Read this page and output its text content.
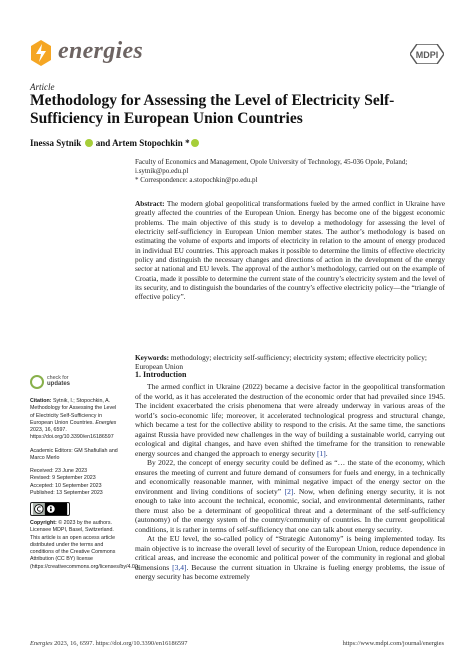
energies	MDPI
Article
Methodology for Assessing the Level of Electricity Self-Sufficiency in European Union Countries
Inessa Sytnik and Artem Stopochkin *
Faculty of Economics and Management, Opole University of Technology, 45-036 Opole, Poland;
i.sytnik@po.edu.pl
* Correspondence: a.stopochkin@po.edu.pl
Abstract: The modern global geopolitical transformations fueled by the armed conflict in Ukraine have greatly affected the countries of the European Union. Energy has become one of the biggest economic problems. The main objective of this study is to develop a methodology for assessing the level of electricity self-sufficiency in European Union member states. The author’s methodology is based on estimating the volume of exports and imports of electricity in relation to the amount of energy produced in individual EU countries. This approach makes it possible to determine the limits of effective electricity policy and distinguish the necessary changes and directions of action in the development of the energy sector at national and EU levels. The approval of the author’s methodology, carried out on the example of Croatia, made it possible to determine the current state of the country’s electricity system and the level of its security, and to distinguish the boundaries of the country’s effective electricity policy—the “triangle of effective policy”.
Keywords: methodology; electricity self-sufficiency; electricity system; effective electricity policy; European Union
check for
updates
Citation: Sytnik, I.; Stopochkin, A. Methodology for Assessing the Level of Electricity Self-Sufficiency in European Union Countries. Energies 2023, 16, 6597. https://doi.org/10.3390/en16186597
Academic Editors: GM Shafiullah and Marco Merlo
Received: 23 June 2023
Revised: 9 September 2023
Accepted: 10 September 2023
Published: 13 September 2023
Copyright: © 2023 by the authors. Licensee MDPI, Basel, Switzerland. This article is an open access article distributed under the terms and conditions of the Creative Commons Attribution (CC BY) license (https://creativecommons.org/licenses/by/4.0/).
1. Introduction

The armed conflict in Ukraine (2022) became a decisive factor in the geopolitical transformation of the world, as it has accelerated the destruction of the economic order that had prevailed since 1945. The incident exacerbated the crisis phenomena that were already underway in various areas of the world’s socio-economic life; moreover, it accelerated technological progress and structural change, which became a test for the collective ability to respond to the crisis. At the same time, the sanctions against Russia have provided new challenges in the way of building a sustainable world, carrying out ecological and digital changes, and have even shifted the timeframe for the transition to renewable energy sources and changed the approach to energy security [1].

By 2022, the concept of energy security could be defined as “… the state of the economy, which ensures the meeting of current and future demand of consumers for fuels and energy, in a technically and economically reasonable manner, with minimal negative impact of the energy sector on the environment and living conditions of society” [2]. Now, when defining energy security, it is not enough to take into account the technical, economic, social, and environmental determinants, rather there must also be a determinant of geopolitical threat and a determinant of the self-sufficiency (autonomy) of the energy system of the country/community of countries. In the current geopolitical conditions, it is rather in terms of self-sufficiency that one can talk about energy security.

At the EU level, the so-called policy of “Strategic Autonomy” is being implemented today. Its main objective is to increase the overall level of security of the European Union, reduce dependence in critical areas, and increase the economic and political power of the community in regional and global dimensions [3,4]. Because the current situation in Ukraine is fueling energy problems, the issue of energy security has become extremely

Energies 2023, 16, 6597. https://doi.org/10.3390/en16186597	https://www.mdpi.com/journal/energies
